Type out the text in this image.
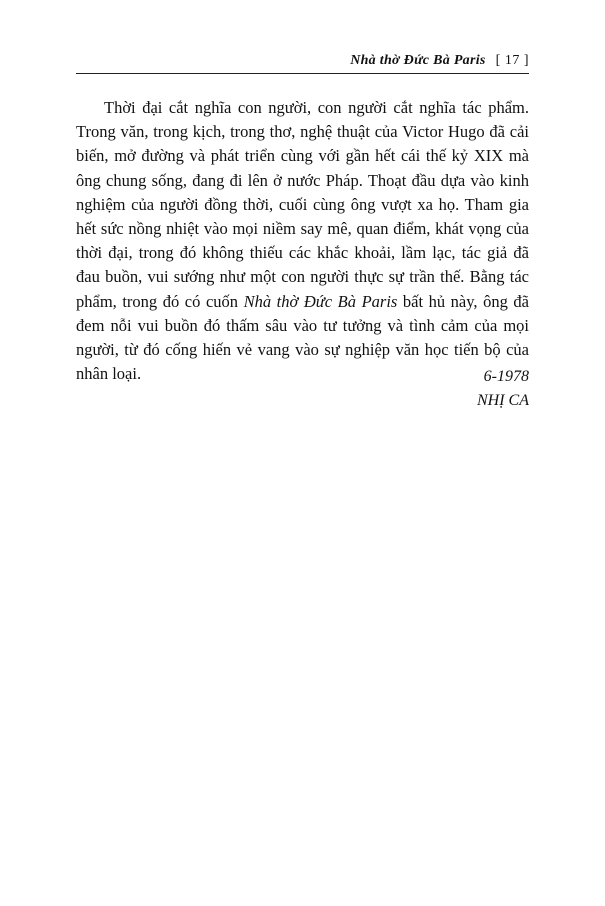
Nhà thờ Đức Bà Paris [ 17 ]

Thời đại cắt nghĩa con người, con người cắt nghĩa tác phẩm. Trong văn, trong kịch, trong thơ, nghệ thuật của Victor Hugo đã cải biến, mở đường và phát triển cùng với gần hết cái thế kỷ XIX mà ông chung sống, đang đi lên ở nước Pháp. Thoạt đầu dựa vào kinh nghiệm của người đồng thời, cuối cùng ông vượt xa họ. Tham gia hết sức nồng nhiệt vào mọi niềm say mê, quan điểm, khát vọng của thời đại, trong đó không thiếu các khắc khoải, lầm lạc, tác giả đã đau buồn, vui sướng như một con người thực sự trần thế. Bằng tác phẩm, trong đó có cuốn Nhà thờ Đức Bà Paris bất hủ này, ông đã đem nỗi vui buồn đó thấm sâu vào tư tưởng và tình cảm của mọi người, từ đó cống hiến vẻ vang vào sự nghiệp văn học tiến bộ của nhân loại.	6-1978
NHỊ CA
